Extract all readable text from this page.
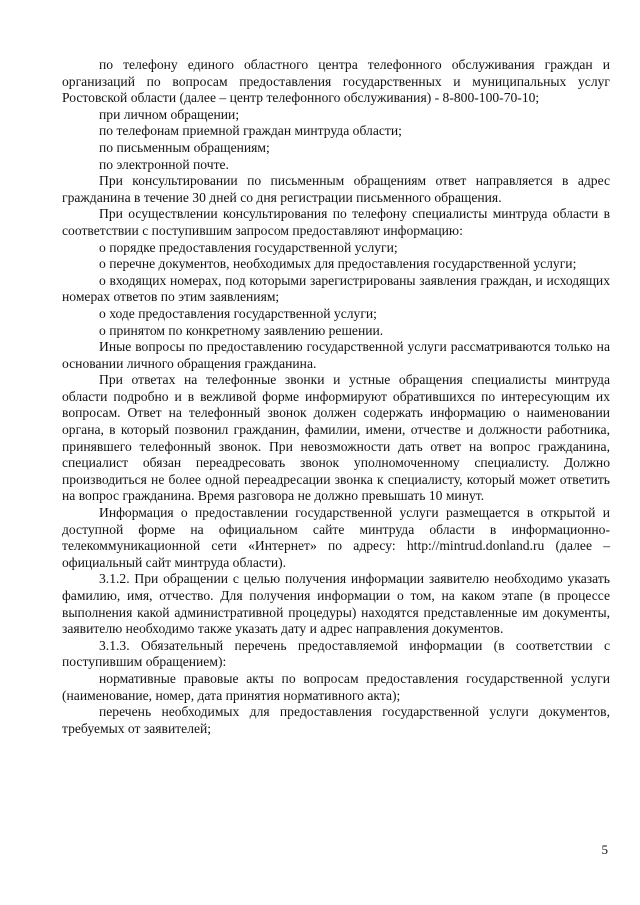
по телефону единого областного центра телефонного обслуживания граждан и организаций по вопросам предоставления государственных и муниципальных услуг Ростовской области (далее – центр телефонного обслуживания) - 8-800-100-70-10;

при личном обращении;

по телефонам приемной граждан минтруда области;

по письменным обращениям;

по электронной почте.

При консультировании по письменным обращениям ответ направляется в адрес гражданина в течение 30 дней со дня регистрации письменного обращения.

При осуществлении консультирования по телефону специалисты минтруда области в соответствии с поступившим запросом предоставляют информацию:

о порядке предоставления государственной услуги;

о перечне документов, необходимых для предоставления государственной услуги;

о входящих номерах, под которыми зарегистрированы заявления граждан, и исходящих номерах ответов по этим заявлениям;

о ходе предоставления государственной услуги;

о принятом по конкретному заявлению решении.

Иные вопросы по предоставлению государственной услуги рассматриваются только на основании личного обращения гражданина.

При ответах на телефонные звонки и устные обращения специалисты минтруда области подробно и в вежливой форме информируют обратившихся по интересующим их вопросам. Ответ на телефонный звонок должен содержать информацию о наименовании органа, в который позвонил гражданин, фамилии, имени, отчестве и должности работника, принявшего телефонный звонок. При невозможности дать ответ на вопрос гражданина, специалист обязан переадресовать звонок уполномоченному специалисту. Должно производиться не более одной переадресации звонка к специалисту, который может ответить на вопрос гражданина. Время разговора не должно превышать 10 минут.

Информация о предоставлении государственной услуги размещается в открытой и доступной форме на официальном сайте минтруда области в информационно-телекоммуникационной сети «Интернет» по адресу: http://mintrud.donland.ru (далее – официальный сайт минтруда области).

3.1.2. При обращении с целью получения информации заявителю необходимо указать фамилию, имя, отчество. Для получения информации о том, на каком этапе (в процессе выполнения какой административной процедуры) находятся представленные им документы, заявителю необходимо также указать дату и адрес направления документов.

3.1.3. Обязательный перечень предоставляемой информации (в соответствии с поступившим обращением):

нормативные правовые акты по вопросам предоставления государственной услуги (наименование, номер, дата принятия нормативного акта);

перечень необходимых для предоставления государственной услуги документов, требуемых от заявителей;

5
